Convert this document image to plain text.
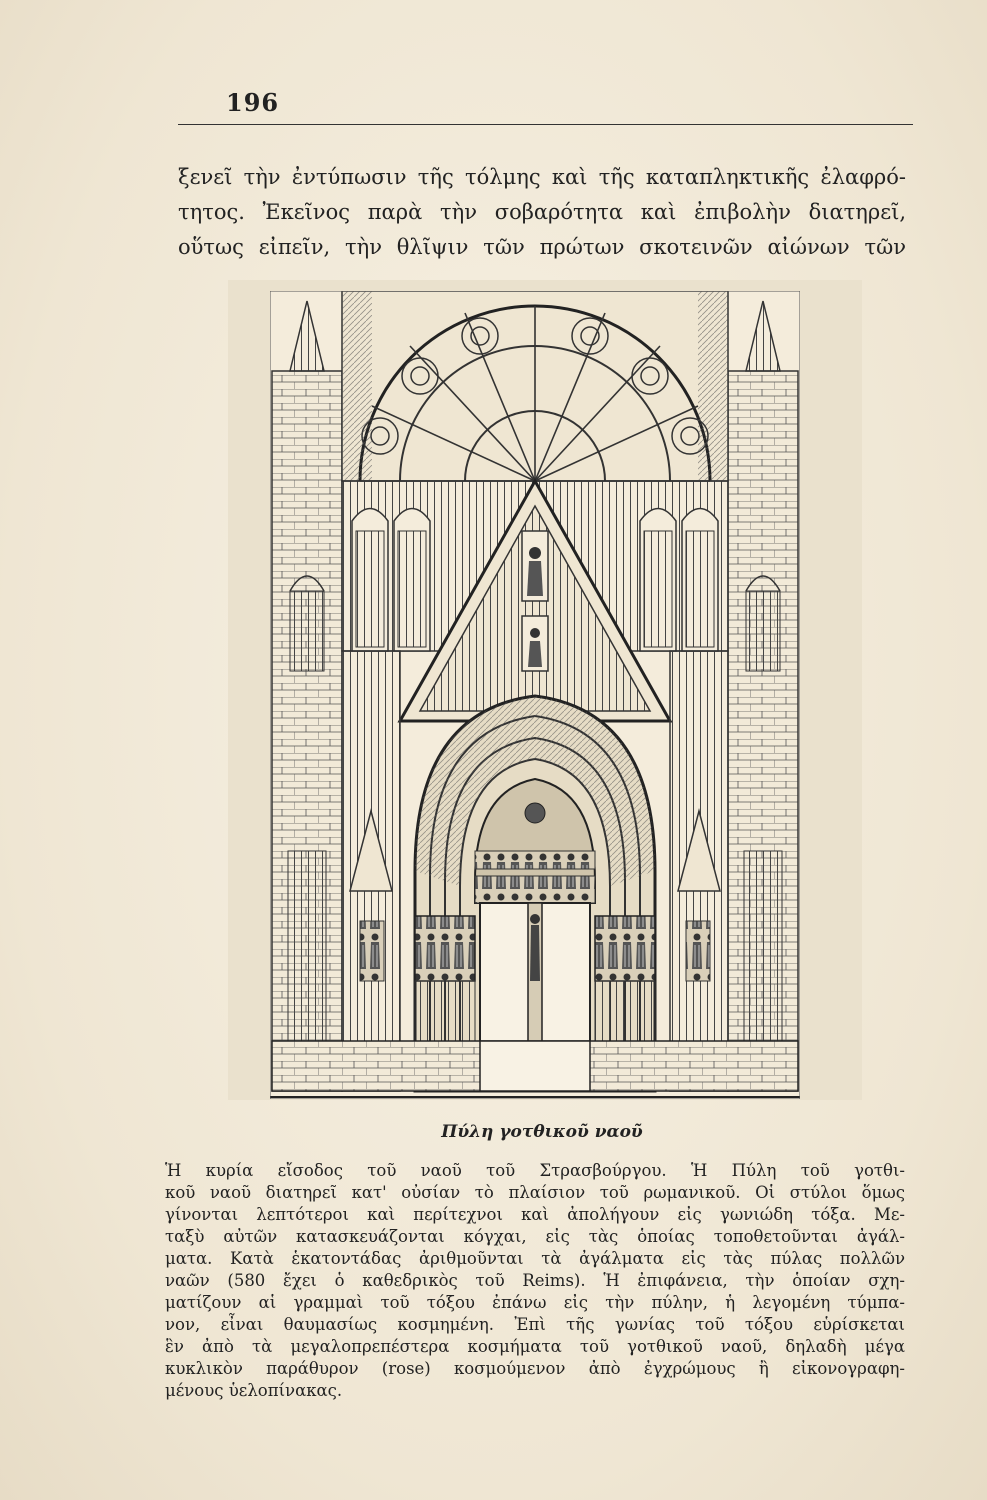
196
ξενεῖ τὴν ἐντύπωσιν τῆς τόλμης καὶ τῆς καταπληκτικῆς ἐλαφρό-
τητος. Ἐκεῖνος παρὰ τὴν σοβαρότητα καὶ ἐπιβολὴν διατηρεῖ,
οὕτως εἰπεῖν, τὴν θλῖψιν τῶν πρώτων σκοτεινῶν αἰώνων τῶν
Πύλη γοτθικοῦ ναοῦ
Ἡ κυρία εἴσοδος τοῦ ναοῦ τοῦ Στρασβούργου. Ἡ Πύλη τοῦ γοτθι-
κοῦ ναοῦ διατηρεῖ κατ' οὐσίαν τὸ πλαίσιον τοῦ ρωμανικοῦ. Οἱ στύλοι ὅμως
γίνονται λεπτότεροι καὶ περίτεχνοι καὶ ἀπολήγουν εἰς γωνιώδη τόξα. Με-
ταξὺ αὐτῶν κατασκευάζονται κόγχαι, εἰς τὰς ὁποίας τοποθετοῦνται ἀγάλ-
ματα. Κατὰ ἑκατοντάδας ἀριθμοῦνται τὰ ἀγάλματα εἰς τὰς πύλας πολλῶν
ναῶν (580 ἔχει ὁ καθεδρικὸς τοῦ Reims). Ἡ ἐπιφάνεια, τὴν ὁποίαν σχη-
ματίζουν αἱ γραμμαὶ τοῦ τόξου ἐπάνω εἰς τὴν πύλην, ἡ λεγομένη τύμπα-
νον, εἶναι θαυμασίως κοσμημένη. Ἐπὶ τῆς γωνίας τοῦ τόξου εὑρίσκεται
ἓν ἀπὸ τὰ μεγαλοπρεπέστερα κοσμήματα τοῦ γοτθικοῦ ναοῦ, δηλαδὴ μέγα
κυκλικὸν παράθυρον (rose) κοσμούμενον ἀπὸ ἐγχρώμους ἢ εἰκονογραφη-
μένους ὑελοπίνακας.
